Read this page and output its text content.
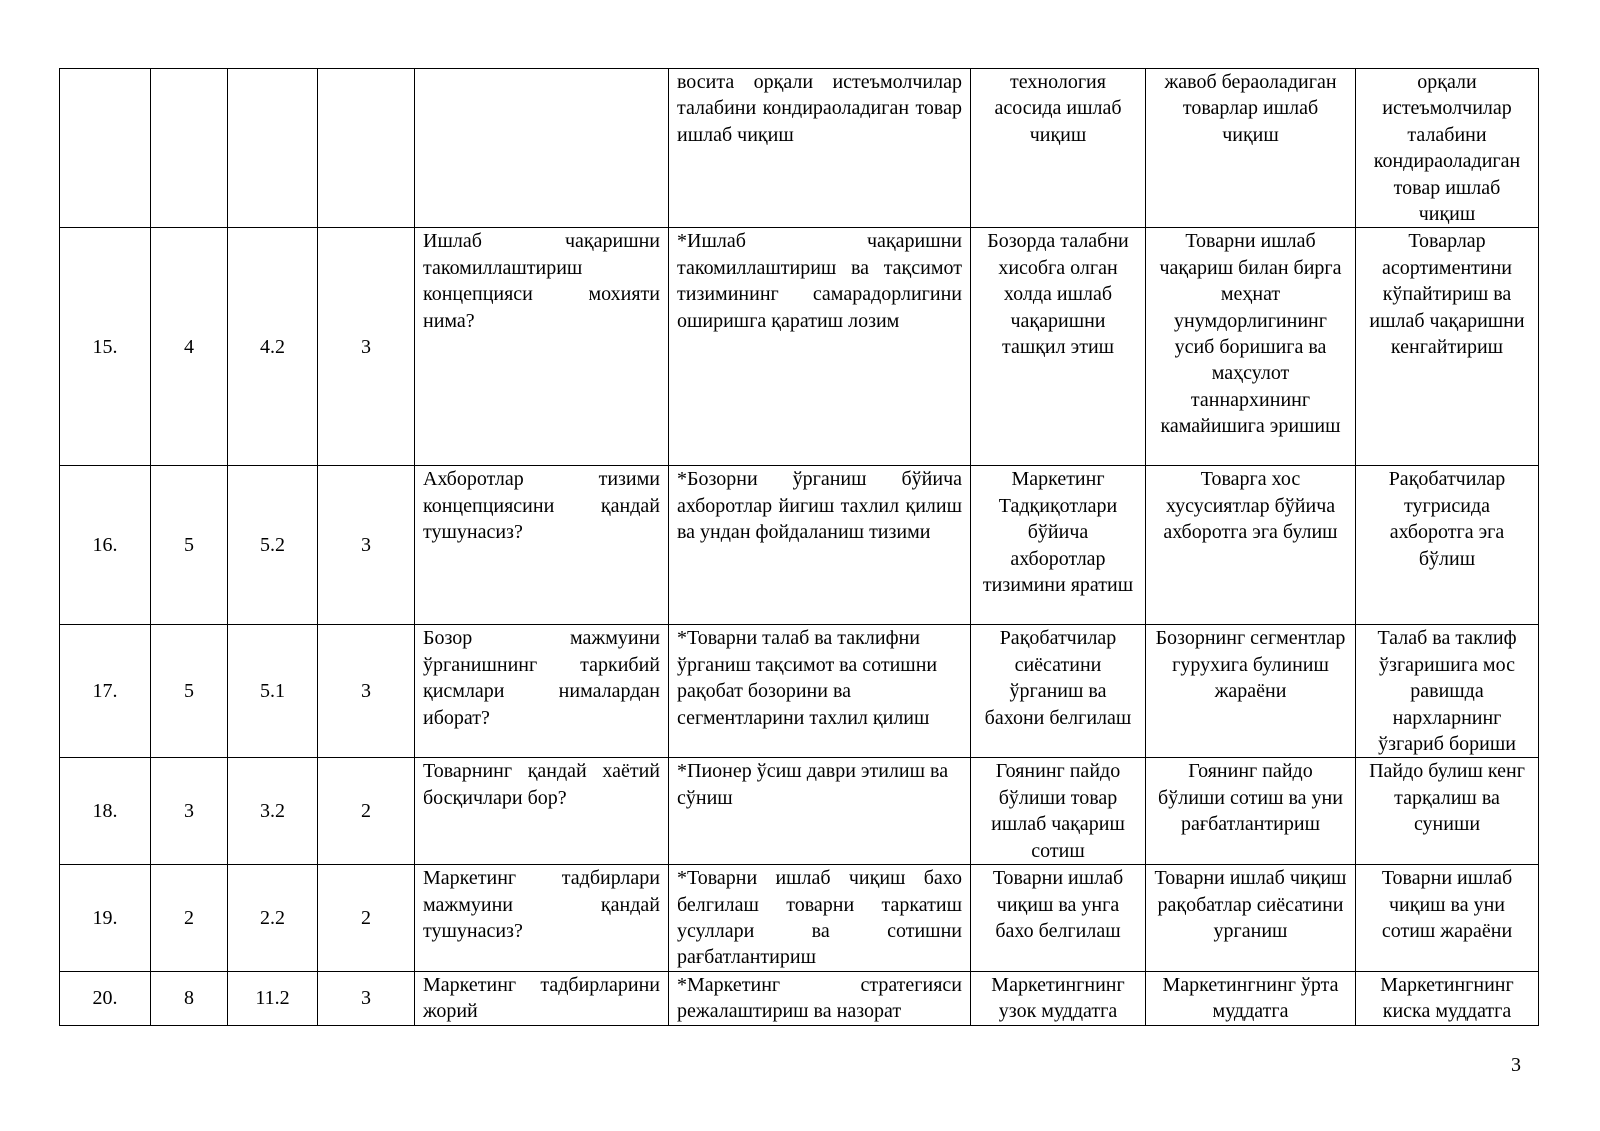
					восита орқали истеъмолчилар талабини кондираоладиган товар ишлаб чиқиш	технология асосида ишлаб чиқиш	жавоб бераоладиган товарлар ишлаб чиқиш	орқали истеъмолчилар талабини кондираоладиган товар ишлаб чиқиш
15.	4	4.2	3	Ишлаб чақаришни такомиллаштириш концепцияси мохияти нима?	*Ишлаб чақаришни такомиллаштириш ва тақсимот тизимининг самарадорлигини оширишга қаратиш лозим	Бозорда талабни хисобга олган холда ишлаб чақаришни ташқил этиш	Товарни ишлаб чақариш билан бирга меҳнат унумдорлигининг усиб боришига ва маҳсулот таннархининг камайишига эришиш	Товарлар асортиментини кўпайтириш ва ишлаб чақаришни кенгайтириш
16.	5	5.2	3	Ахборотлар тизими концепциясини қандай тушунасиз?	*Бозорни ўрганиш бўйича ахборотлар йигиш тахлил қилиш ва ундан фойдаланиш тизими	Маркетинг Тадқиқотлари бўйича ахборотлар тизимини яратиш	Товарга хос хусусиятлар бўйича ахборотга эга булиш	Рақобатчилар тугрисида ахборотга эга бўлиш
17.	5	5.1	3	Бозор мажмуини ўрганишнинг таркибий қисмлари нималардан иборат?	*Товарни талаб ва таклифни ўрганиш тақсимот ва сотишни рақобат бозорини ва сегментларини тахлил қилиш	Рақобатчилар сиёсатини ўрганиш ва бахони белгилаш	Бозорнинг сегментлар гурухига булиниш жараёни	Талаб ва таклиф ўзгаришига мос равишда нархларнинг ўзгариб бориши
18.	3	3.2	2	Товарнинг қандай хаётий босқичлари бор?	*Пионер ўсиш даври этилиш ва сўниш	Гоянинг пайдо бўлиши товар ишлаб чақариш сотиш	Гоянинг пайдо бўлиши сотиш ва уни рағбатлантириш	Пайдо булиш кенг тарқалиш ва суниши
19.	2	2.2	2	Маркетинг тадбирлари мажмуини қандай тушунасиз?	*Товарни ишлаб чиқиш бахо белгилаш товарни таркатиш усуллари ва сотишни рағбатлантириш	Товарни ишлаб чиқиш ва унга бахо белгилаш	Товарни ишлаб чиқиш рақобатлар сиёсатини урганиш	Товарни ишлаб чиқиш ва уни сотиш жараёни
20.	8	11.2	3	Маркетинг тадбирларини жорий	*Маркетинг стратегияси режалаштириш ва назорат	Маркетингнинг узок муддатга	Маркетингнинг ўрта муддатга	Маркетингнинг киска муддатга
3
